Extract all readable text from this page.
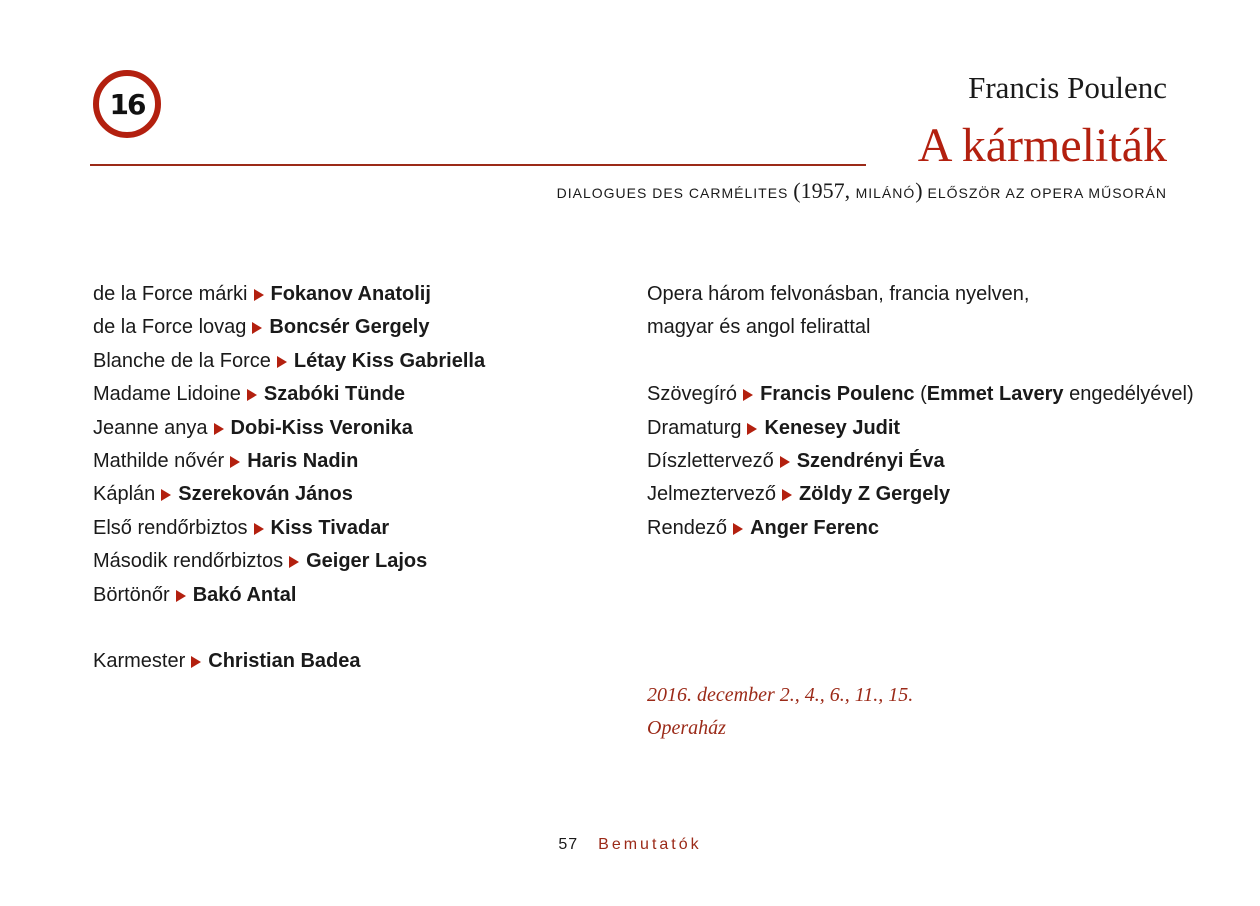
16	Francis Poulenc
A kármeliták
DIALOGUES DES CARMÉLITES (1957, MILÁNÓ) ELŐSZÖR AZ OPERA MŰSORÁN
de la Force márki Fokanov Anatolij
de la Force lovag Boncsér Gergely
Blanche de la Force Létay Kiss Gabriella
Madame Lidoine Szabóki Tünde
Jeanne anya Dobi-Kiss Veronika
Mathilde nővér Haris Nadin
Káplán Szerekován János
Első rendőrbiztos Kiss Tivadar
Második rendőrbiztos Geiger Lajos
Börtönőr Bakó Antal
Karmester Christian Badea
Opera három felvonásban, francia nyelven,
magyar és angol felirattal
Szövegíró Francis Poulenc (Emmet Lavery engedélyével)
Dramaturg Kenesey Judit
Díszlettervező Szendrényi Éva
Jelmeztervező Zöldy Z Gergely
Rendező Anger Ferenc
2016. december 2., 4., 6., 11., 15.
Operaház
57 Bemutatók
